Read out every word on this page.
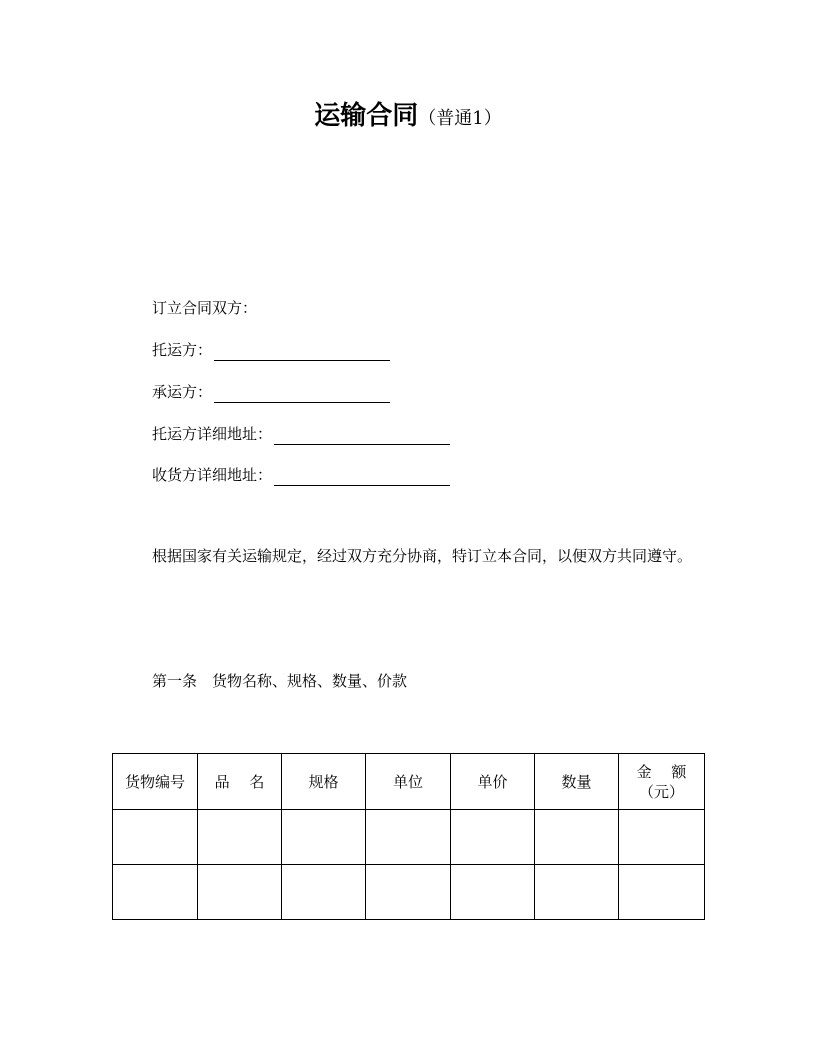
运输合同（普通1）
订立合同双方：
托运方：
承运方：
托运方详细地址：
收货方详细地址：
根据国家有关运输规定，经过双方充分协商，特订立本合同，以便双方共同遵守。
第一条　货物名称、规格、数量、价款
货物编号	品　 名	规格	单位	单价	数量	金　 额
（元）
